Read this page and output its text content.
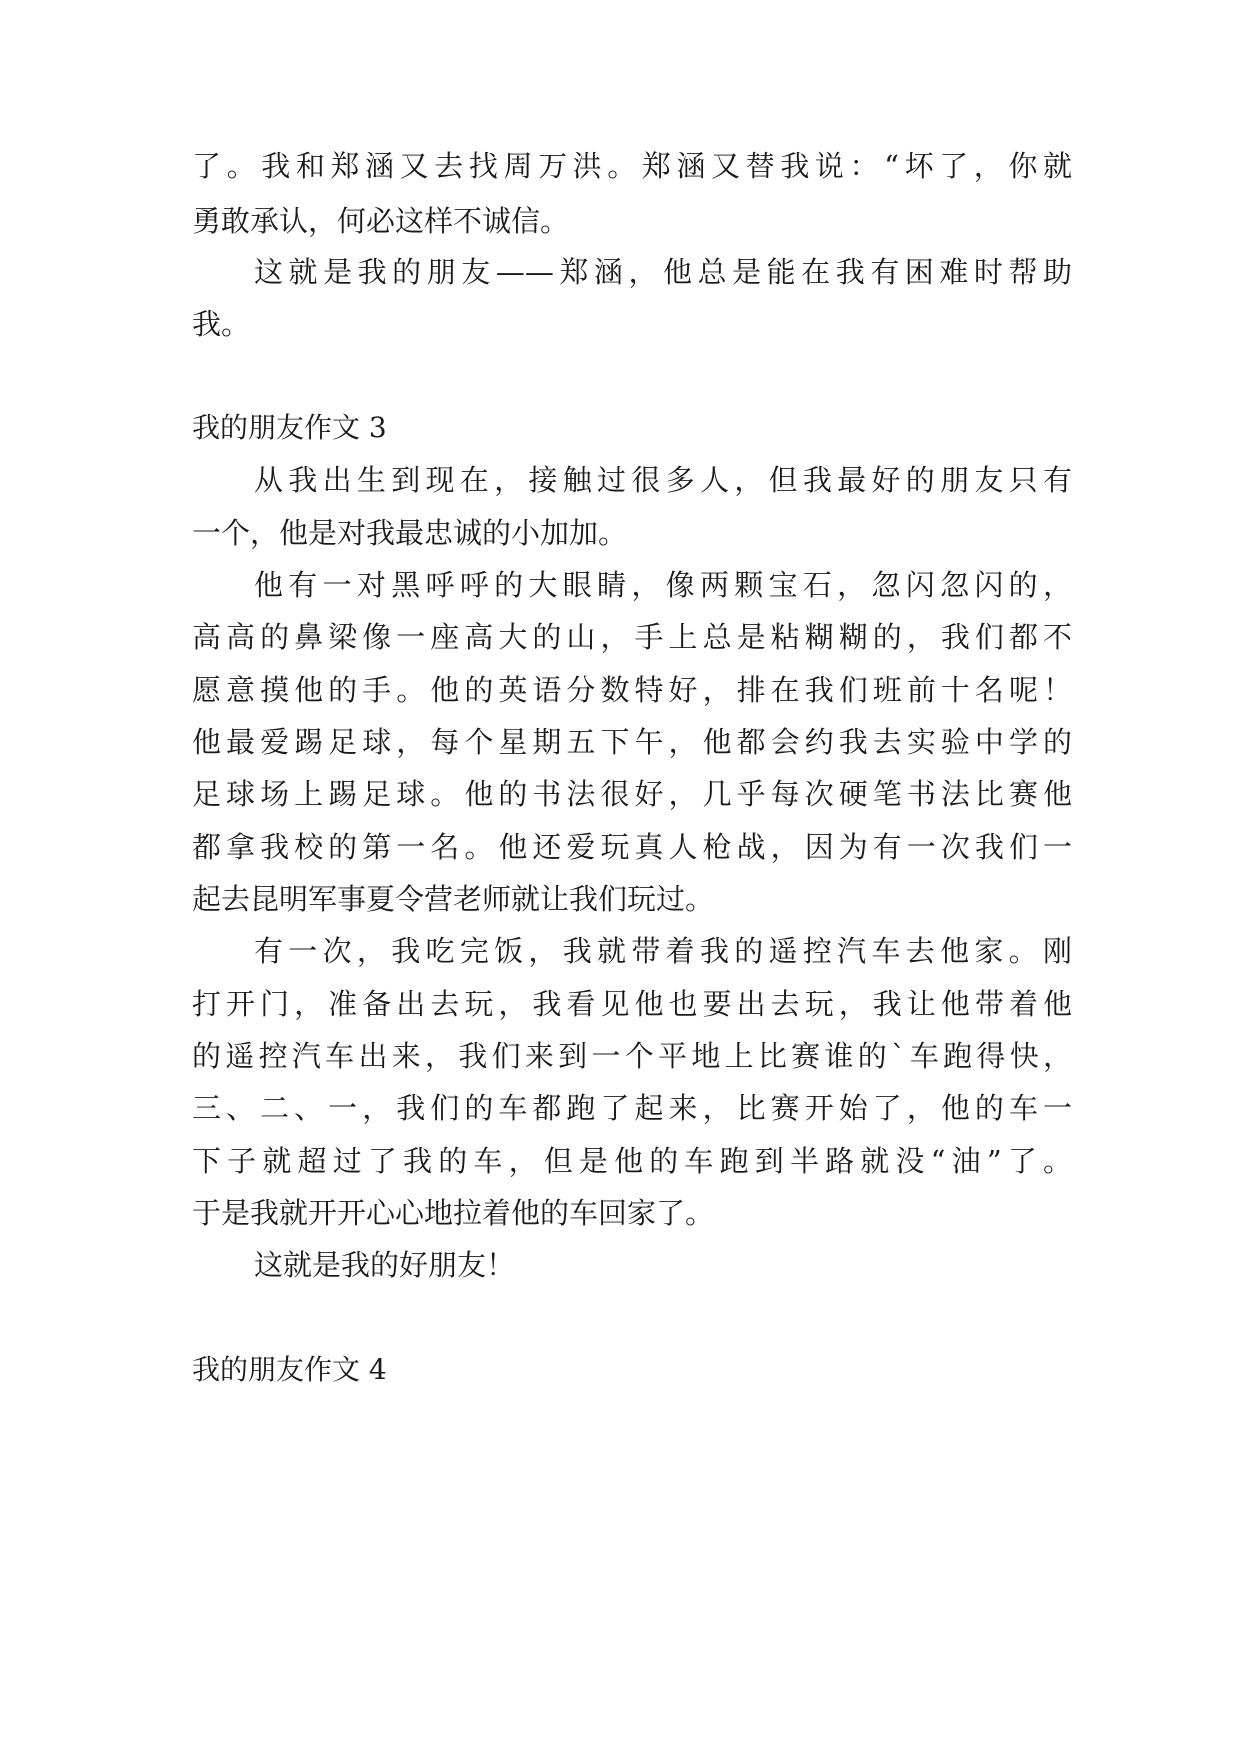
了。我和郑涵又去找周万洪。郑涵又替我说：“坏了，你就

勇敢承认，何必这样不诚信。

这就是我的朋友——郑涵，他总是能在我有困难时帮助

我。

我的朋友作文 3

从我出生到现在，接触过很多人，但我最好的朋友只有

一个，他是对我最忠诚的小加加。

他有一对黑呼呼的大眼睛，像两颗宝石，忽闪忽闪的，

高高的鼻梁像一座高大的山，手上总是粘糊糊的，我们都不

愿意摸他的手。他的英语分数特好，排在我们班前十名呢！

他最爱踢足球，每个星期五下午，他都会约我去实验中学的

足球场上踢足球。他的书法很好，几乎每次硬笔书法比赛他

都拿我校的第一名。他还爱玩真人枪战，因为有一次我们一

起去昆明军事夏令营老师就让我们玩过。

有一次，我吃完饭，我就带着我的遥控汽车去他家。刚

打开门，准备出去玩，我看见他也要出去玩，我让他带着他

的遥控汽车出来，我们来到一个平地上比赛谁的`车跑得快，

三、二、一，我们的车都跑了起来，比赛开始了，他的车一

下子就超过了我的车，但是他的车跑到半路就没“油”了。

于是我就开开心心地拉着他的车回家了。

这就是我的好朋友！

我的朋友作文 4
